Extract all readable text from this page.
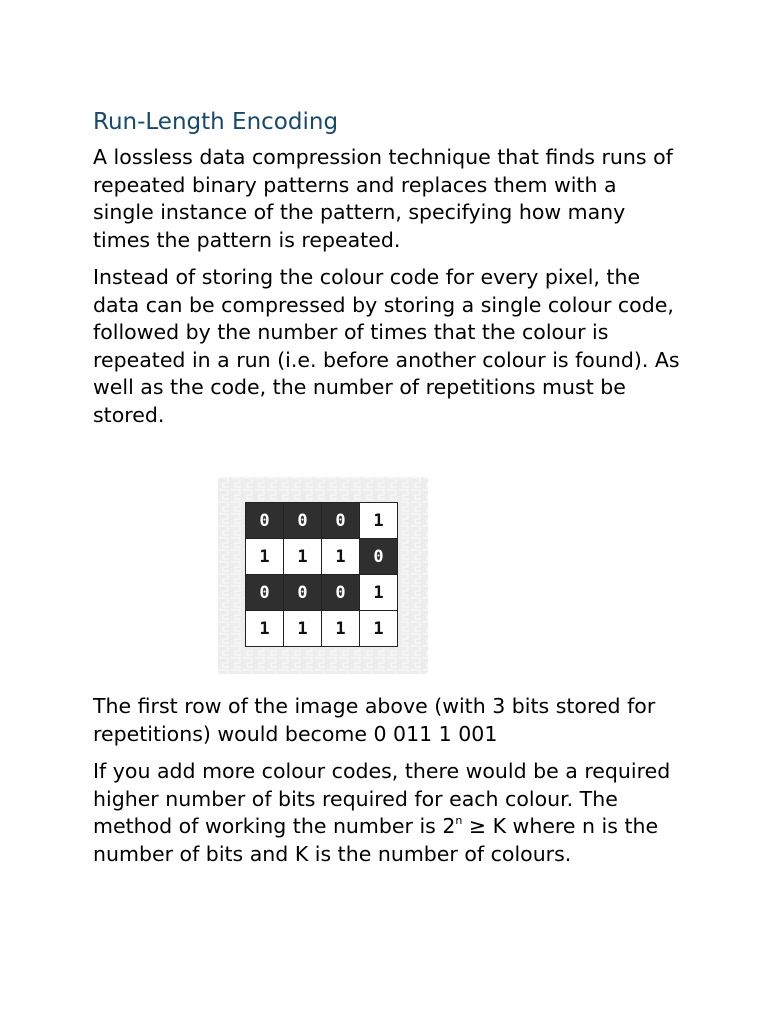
Run-Length Encoding

A lossless data compression technique that finds runs of repeated binary patterns and replaces them with a single instance of the pattern, specifying how many times the pattern is repeated.

Instead of storing the colour code for every pixel, the data can be compressed by storing a single colour code, followed by the number of times that the colour is repeated in a run (i.e. before another colour is found). As well as the code, the number of repetitions must be stored.

0	0	0	1
1	1	1	0
0	0	0	1
1	1	1	1

The first row of the image above (with 3 bits stored for repetitions) would become 0 011 1 001

If you add more colour codes, there would be a required higher number of bits required for each colour. The method of working the number is $2^n \ge K$ where n is the number of bits and K is the number of colours.
